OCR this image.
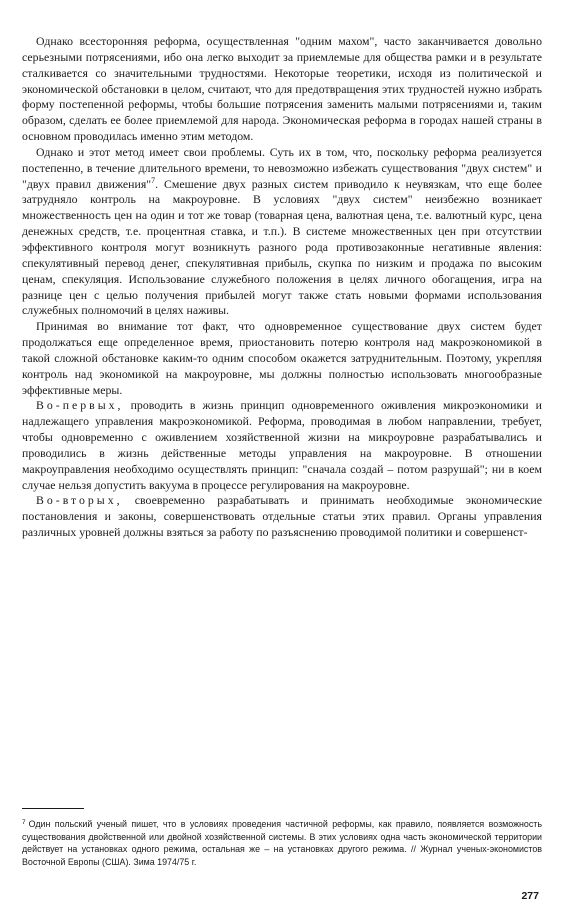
Однако всесторонняя реформа, осуществленная "одним махом", часто заканчивается довольно серьезными потрясениями, ибо она легко выходит за приемлемые для общества рамки и в результате сталкивается со значительными трудностями. Некоторые теоретики, исходя из политической и экономической обстановки в целом, считают, что для предотвращения этих трудностей нужно избрать форму постепенной реформы, чтобы большие потрясения заменить малыми потрясениями и, таким образом, сделать ее более приемлемой для народа. Экономическая реформа в городах нашей страны в основном проводилась именно этим методом.

Однако и этот метод имеет свои проблемы. Суть их в том, что, поскольку реформа реализуется постепенно, в течение длительного времени, то невозможно избежать существования "двух систем" и "двух правил движения"$^7$. Смешение двух разных систем приводило к неувязкам, что еще более затрудняло контроль на макроуровне. В условиях "двух систем" неизбежно возникает множественность цен на один и тот же товар (товарная цена, валютная цена, т.е. валютный курс, цена денежных средств, т.е. процентная ставка, и т.п.). В системе множественных цен при отсутствии эффективного контроля могут возникнуть разного рода противозаконные негативные явления: спекулятивный перевод денег, спекулятивная прибыль, скупка по низким и продажа по высоким ценам, спекуляция. Использование служебного положения в целях личного обогащения, игра на разнице цен с целью получения прибылей могут также стать новыми формами использования служебных полномочий в целях наживы.

Принимая во внимание тот факт, что одновременное существование двух систем будет продолжаться еще определенное время, приостановить потерю контроля над макроэкономикой в такой сложной обстановке каким-то одним способом окажется затруднительным. Поэтому, укрепляя контроль над экономикой на макроуровне, мы должны полностью использовать многообразные эффективные меры.

Во-первых, проводить в жизнь принцип одновременного оживления микроэкономики и надлежащего управления макроэкономикой. Реформа, проводимая в любом направлении, требует, чтобы одновременно с оживлением хозяйственной жизни на микроуровне разрабатывались и проводились в жизнь действенные методы управления на макроуровне. В отношении макроуправления необходимо осуществлять принцип: "сначала создай – потом разрушай"; ни в коем случае нельзя допустить вакуума в процессе регулирования на макроуровне.

Во-вторых, своевременно разрабатывать и принимать необходимые экономические постановления и законы, совершенствовать отдельные статьи этих правил. Органы управления различных уровней должны взяться за работу по разъяснению проводимой политики и совершенст-

$^7$ Один польский ученый пишет, что в условиях проведения частичной реформы, как правило, появляется возможность существования двойственной или двойной хозяйственной системы. В этих условиях одна часть экономической территории действует на установках одного режима, остальная же – на установках другого режима. // Журнал ученых-экономистов Восточной Европы (США). Зима 1974/75 г.

277
